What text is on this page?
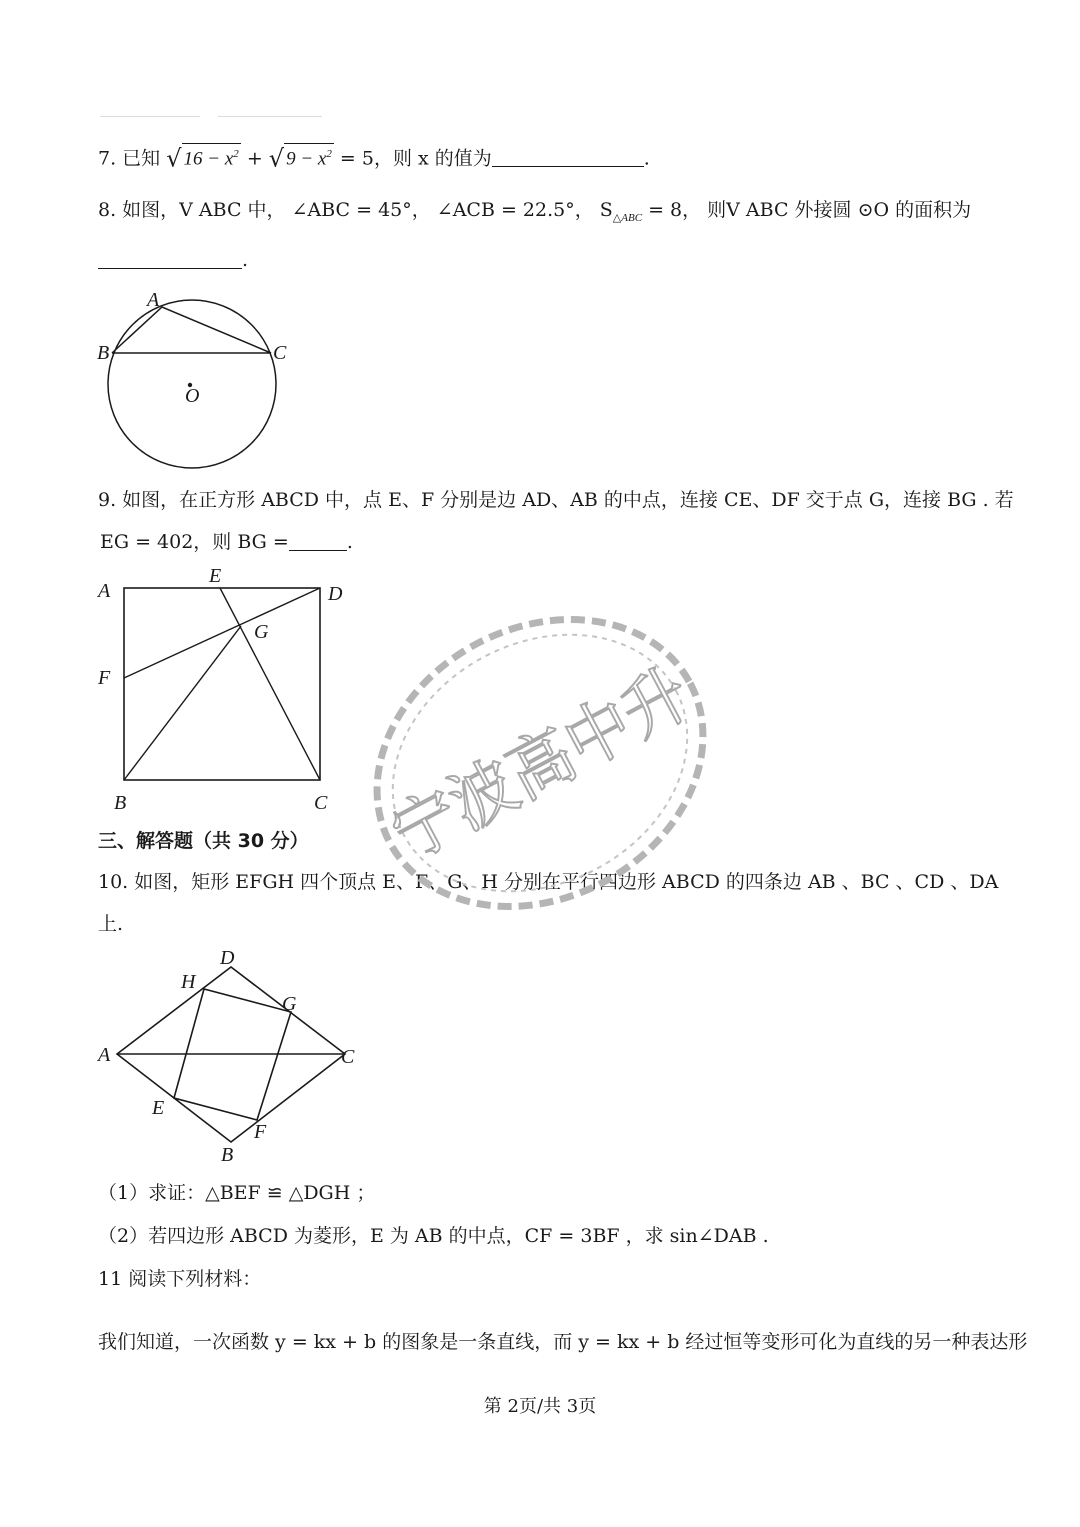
7. 已知 √ $16 - x^2$ + √ $9 - x^2 = 5$，则 x 的值为	.
8. 如图，V ABC 中， ∠ABC = 45°， ∠ACB = 22.5°， $S_{\triangle ABC} = 8$， 则V ABC 外接圆 ⊙O 的面积为
.
A
B	C
O
9. 如图，在正方形 ABCD 中，点 E、F 分别是边 AD、AB 的中点，连接 CE、DF 交于点 G，连接 BG . 若
EG = 402，则 BG =	.
A
E
D
G
F
B	C
三、解答题（共 30 分）
10. 如图，矩形 EFGH 四个顶点 E、F、G、H 分别在平行四边形 ABCD 的四条边 AB 、BC 、CD 、DA
上.
D
H
G
A	C
E
F
B
（1）求证：△BEF ≌ △DGH ；
（2）若四边形 ABCD 为菱形，E 为 AB 的中点，CF = 3BF ，求 sin∠DAB .
11 阅读下列材料：
我们知道，一次函数 y = kx + b 的图象是一条直线，而 y = kx + b 经过恒等变形可化为直线的另一种表达形
宁波高中升
第 2页/共 3页
